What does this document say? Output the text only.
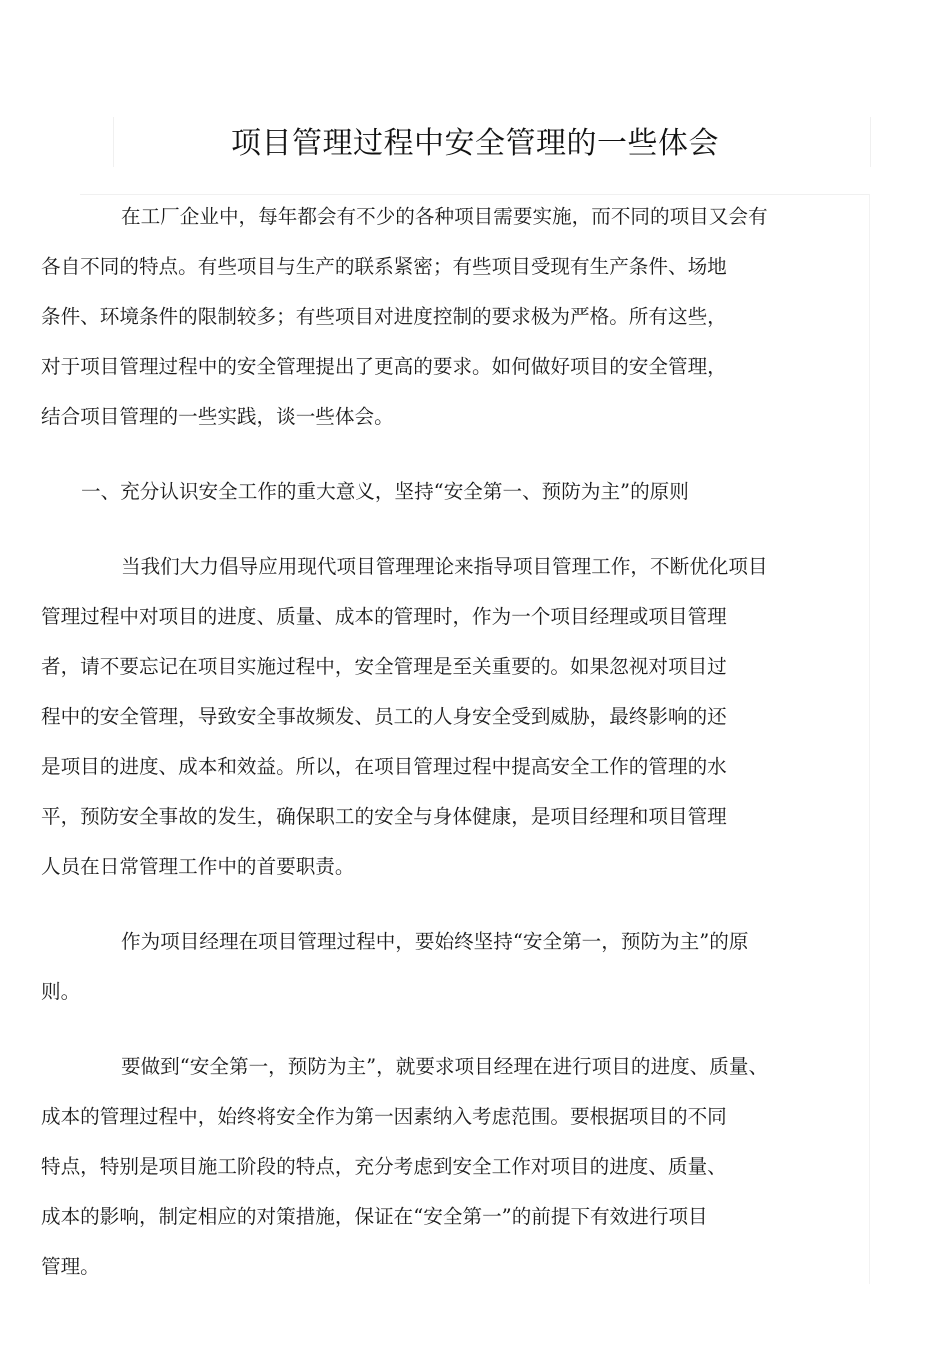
项目管理过程中安全管理的一些体会

在工厂企业中，每年都会有不少的各种项目需要实施，而不同的项目又会有
各自不同的特点。有些项目与生产的联系紧密；有些项目受现有生产条件、场地
条件、环境条件的限制较多；有些项目对进度控制的要求极为严格。所有这些，
对于项目管理过程中的安全管理提出了更高的要求。如何做好项目的安全管理，
结合项目管理的一些实践，谈一些体会。

一、充分认识安全工作的重大意义，坚持“安全第一、预防为主”的原则

当我们大力倡导应用现代项目管理理论来指导项目管理工作，不断优化项目
管理过程中对项目的进度、质量、成本的管理时，作为一个项目经理或项目管理
者，请不要忘记在项目实施过程中，安全管理是至关重要的。如果忽视对项目过
程中的安全管理，导致安全事故频发、员工的人身安全受到威胁，最终影响的还
是项目的进度、成本和效益。所以，在项目管理过程中提高安全工作的管理的水
平，预防安全事故的发生，确保职工的安全与身体健康，是项目经理和项目管理
人员在日常管理工作中的首要职责。

作为项目经理在项目管理过程中，要始终坚持“安全第一，预防为主”的原
则。

要做到“安全第一，预防为主”，就要求项目经理在进行项目的进度、质量、
成本的管理过程中，始终将安全作为第一因素纳入考虑范围。要根据项目的不同
特点，特别是项目施工阶段的特点，充分考虑到安全工作对项目的进度、质量、
成本的影响，制定相应的对策措施，保证在“安全第一”的前提下有效进行项目
管理。
